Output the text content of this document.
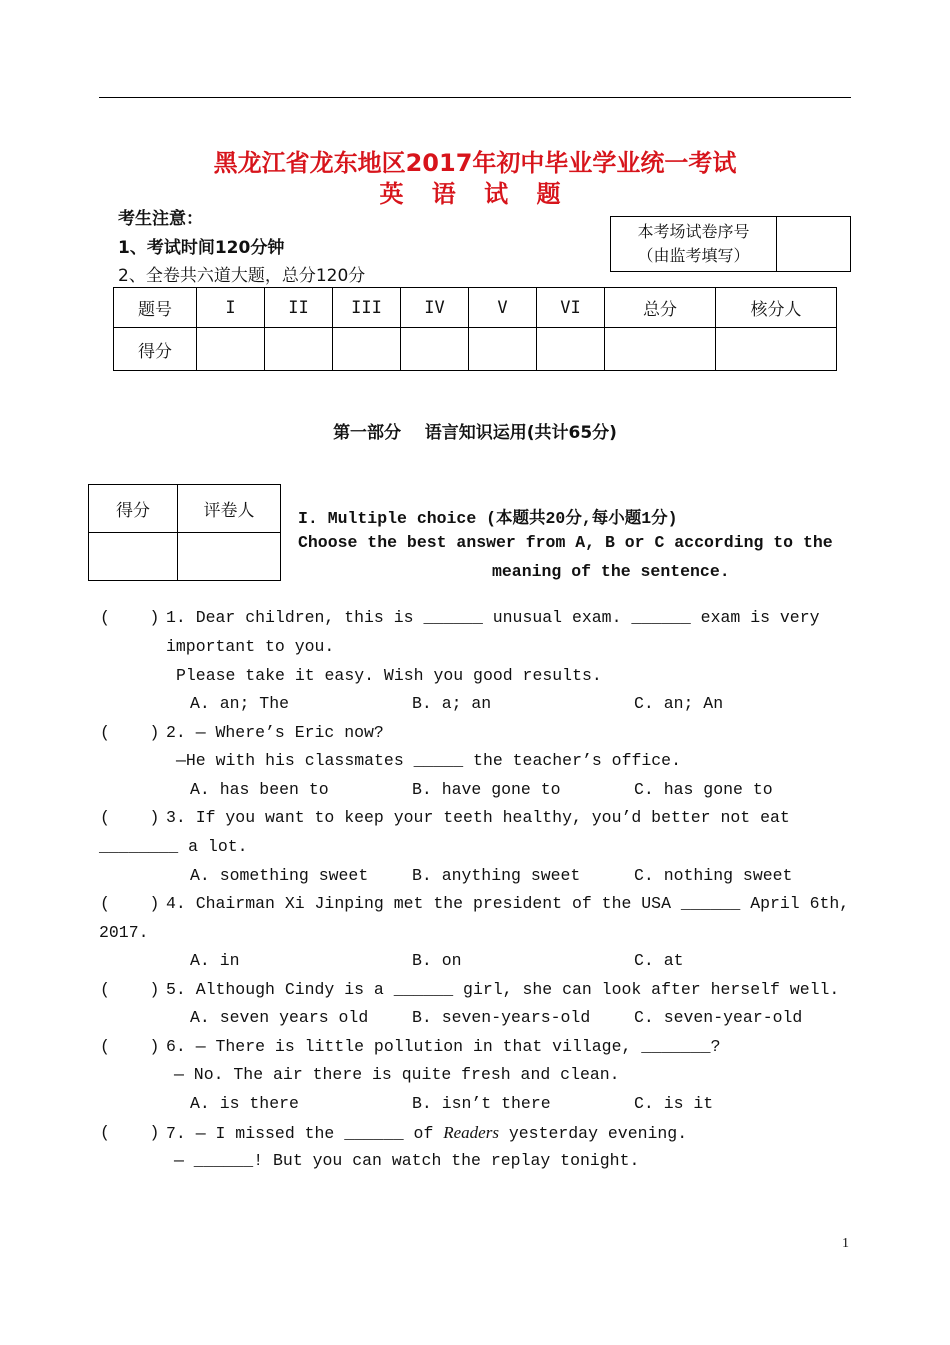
黑龙江省龙东地区2017年初中毕业学业统一考试
英 语 试 题
考生注意：
1、考试时间120分钟
2、全卷共六道大题，总分120分
本考场试卷序号
（由监考填写）

题号	I	II	III	IV	V	VI	总分	核分人
得分								
第一部分    语言知识运用(共计65分)
得分	评卷人
		I. Multiple choice (本题共20分,每小题1分)
Choose the best answer from A, B or C according to the
meaning of the sentence.
(    ) 1. Dear children, this is ______ unusual exam. ______ exam is very
important to you.
Please take it easy. Wish you good results.
A. an; The	B. a; an	C. an; An
(    ) 2. — Where’s Eric now?
—He with his classmates _____ the teacher’s office.
A. has been to	B. have gone to	C. has gone to
(    ) 3. If you want to keep your teeth healthy, you’d better not eat
________ a lot.
A. something sweet	B. anything sweet	C. nothing sweet
(    ) 4. Chairman Xi Jinping met the president of the USA ______ April 6th,
2017.
A. in	B. on	C. at
(    ) 5. Although Cindy is a ______ girl, she can look after herself well.
A. seven years old	B. seven-years-old	C. seven-year-old
(    ) 6. — There is little pollution in that village, _______?
— No. The air there is quite fresh and clean.
A. is there	B. isn’t there	C. is it
(    ) 7. — I missed the ______ of Readers yesterday evening.
— ______! But you can watch the replay tonight.
1
